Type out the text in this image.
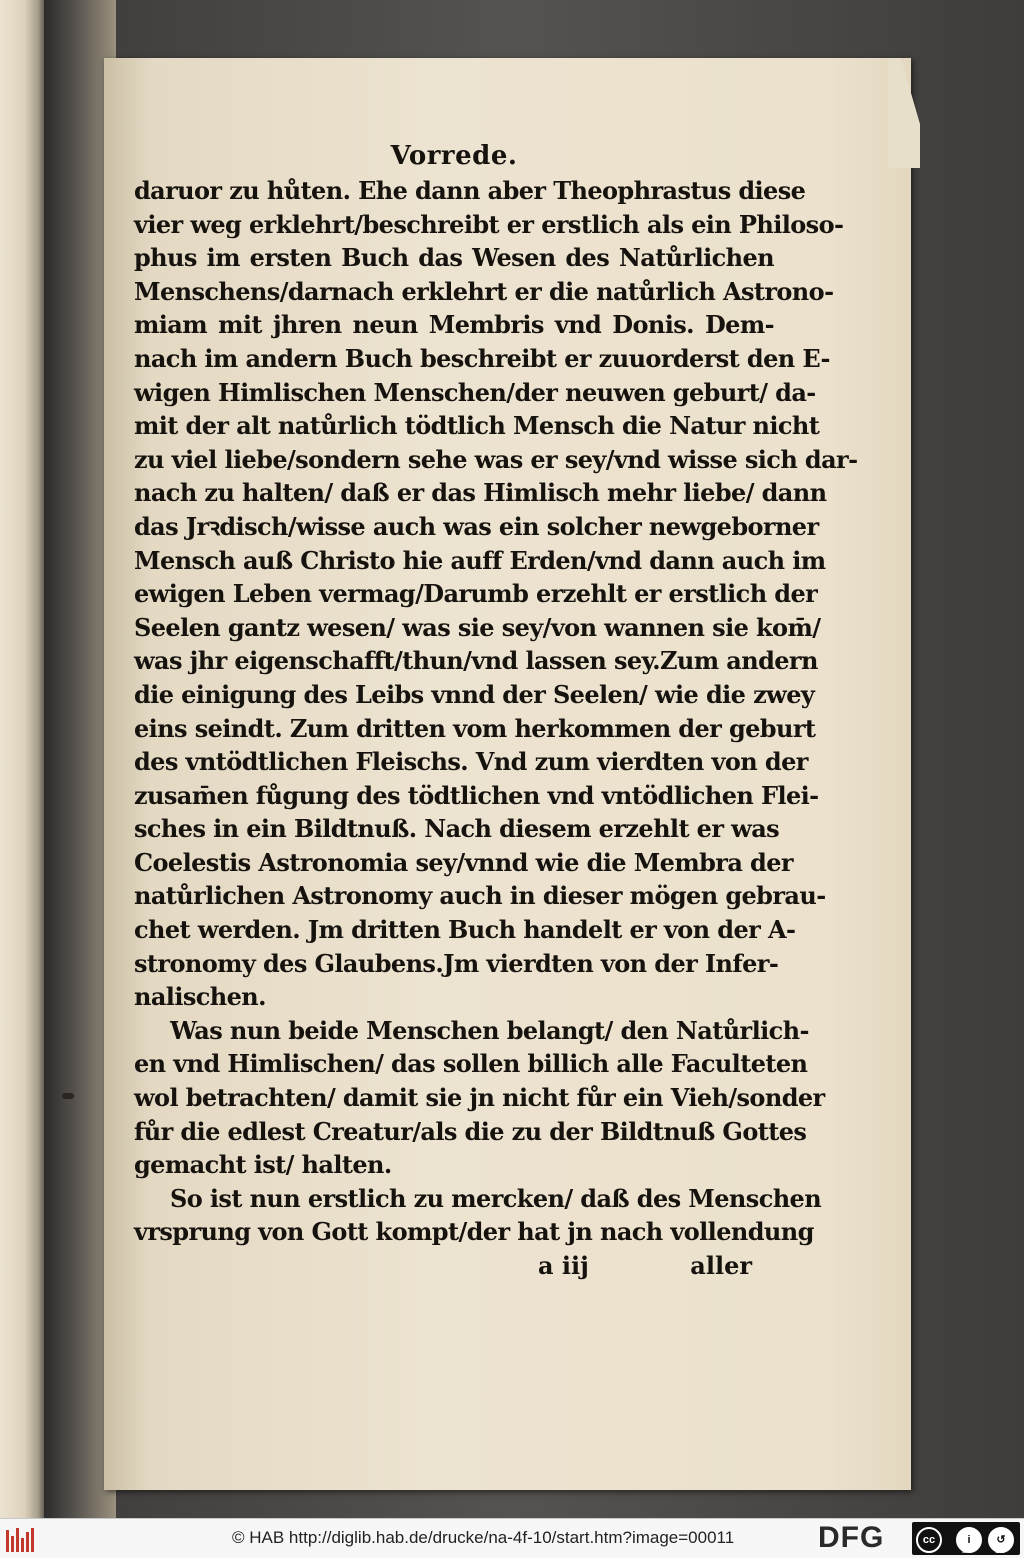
Vorrede.
daruor zu hůten. Ehe dann aber Theophrastus diese
vier weg erklehrt/beschreibt er erstlich als ein Philoso-
phus im ersten Buch das Wesen des Natůrlichen
Menschens/darnach erklehrt er die natůrlich Astrono-
miam mit jhren neun Membris vnd Donis. Dem-
nach im andern Buch beschreibt er zuuorderst den E-
wigen Himlischen Menschen/der neuwen geburt/ da-
mit der alt natůrlich tödtlich Mensch die Natur nicht
zu viel liebe/sondern sehe was er sey/vnd wisse sich dar-
nach zu halten/ daß er das Himlisch mehr liebe/ dann
das Jrꝛdisch/wisse auch was ein solcher newgeborner
Mensch auß Christo hie auff Erden/vnd dann auch im
ewigen Leben vermag/Darumb erzehlt er erstlich der
Seelen gantz wesen/ was sie sey/von wannen sie kom̄/
was jhr eigenschafft/thun/vnd lassen sey.Zum andern
die einigung des Leibs vnnd der Seelen/ wie die zwey
eins seindt. Zum dritten vom herkommen der geburt
des vntödtlichen Fleischs. Vnd zum vierdten von der
zusam̄en fůgung des tödtlichen vnd vntödlichen Flei-
sches in ein Bildtnuß. Nach diesem erzehlt er was
Coelestis Astronomia sey/vnnd wie die Membra der
natůrlichen Astronomy auch in dieser mögen gebrau-
chet werden. Jm dritten Buch handelt er von der A-
stronomy des Glaubens.Jm vierdten von der Infer-
nalischen.
Was nun beide Menschen belangt/ den Natůrlich-
en vnd Himlischen/ das sollen billich alle Faculteten
wol betrachten/ damit sie jn nicht fůr ein Vieh/sonder
fůr die edlest Creatur/als die zu der Bildtnuß Gottes
gemacht ist/ halten.
So ist nun erstlich zu mercken/ daß des Menschen
vrsprung von Gott kompt/der hat jn nach vollendung
a iij	aller
© HAB http://diglib.hab.de/drucke/na-4f-10/start.htm?image=00011	DFG	cc	i	↺
BY	SA
